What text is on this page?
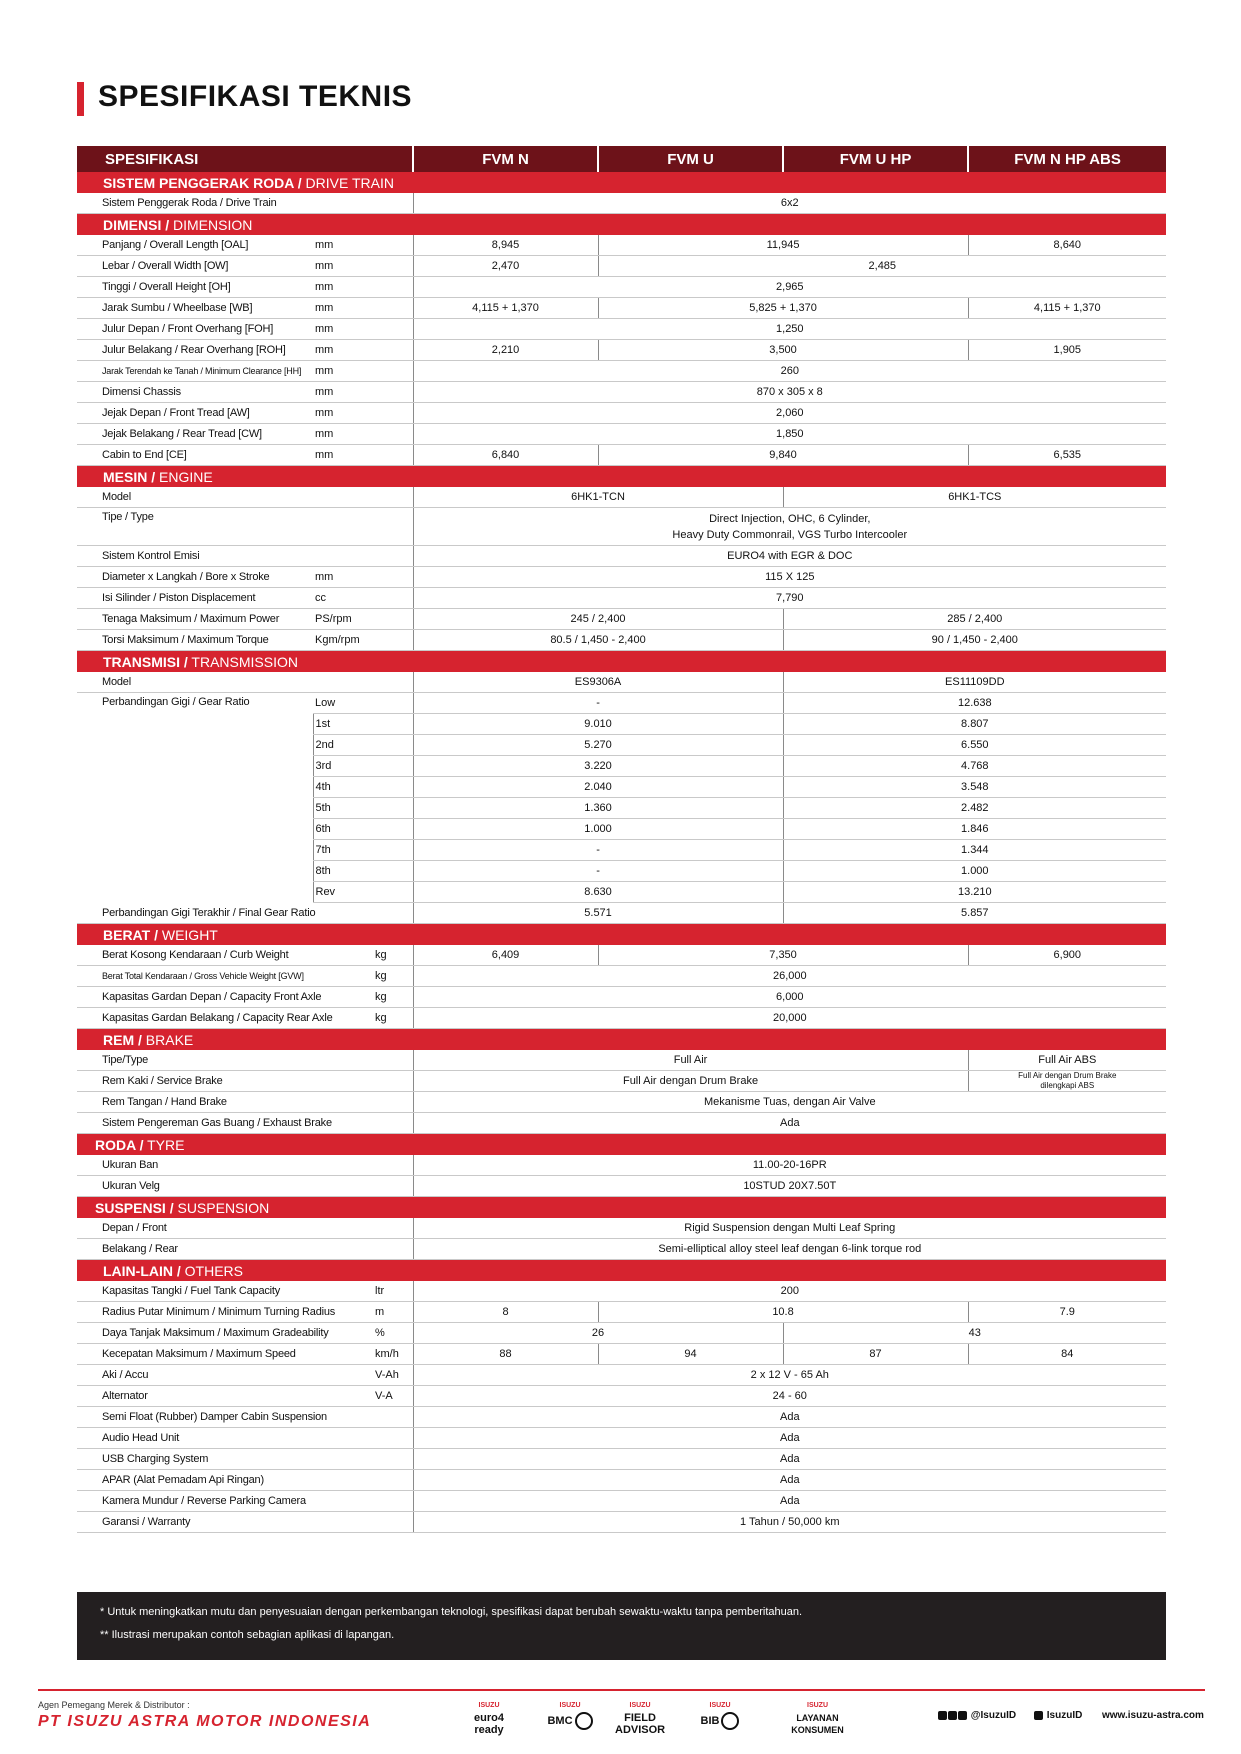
SPESIFIKASI TEKNIS
SPESIFIKASI			FVM N	FVM U	FVM U HP	FVM N HP ABS
SISTEM PENGGERAK RODA / DRIVE TRAIN						
Sistem Penggerak Roda / Drive Train			6x2			
DIMENSI / DIMENSION						
Panjang / Overall Length [OAL]	mm		8,945	11,945		8,640
Lebar / Overall Width [OW]	mm		2,470	2,485		
Tinggi / Overall Height [OH]	mm		2,965			
Jarak Sumbu / Wheelbase [WB]	mm		4,115 + 1,370	5,825 + 1,370		4,115 + 1,370
Julur Depan / Front Overhang [FOH]	mm		1,250			
Julur Belakang / Rear Overhang [ROH]	mm		2,210	3,500		1,905
Jarak Terendah ke Tanah / Minimum Clearance [HH]	mm		260			
Dimensi Chassis	mm		870 x 305 x 8			
Jejak Depan / Front Tread [AW]	mm		2,060			
Jejak Belakang / Rear Tread [CW]	mm		1,850			
Cabin to End [CE]	mm		6,840	9,840		6,535
MESIN / ENGINE						
Model			6HK1-TCN		6HK1-TCS	
Tipe / Type			Direct Injection, OHC, 6 Cylinder,
Heavy Duty Commonrail, VGS Turbo Intercooler			

Sistem Kontrol Emisi			EURO4 with EGR & DOC			
Diameter x Langkah / Bore x Stroke	mm		115 X 125			
Isi Silinder / Piston Displacement	cc		7,790			
Tenaga Maksimum / Maximum Power	PS/rpm		245 / 2,400		285 / 2,400	
Torsi Maksimum / Maximum Torque	Kgm/rpm		80.5 / 1,450 - 2,400		90 / 1,450 - 2,400	
TRANSMISI / TRANSMISSION						
Model			ES9306A		ES11109DD	
Perbandingan Gigi / Gear Ratio	Low		-		12.638	
	1st		9.010		8.807	
	2nd		5.270		6.550	
	3rd		3.220		4.768	
	4th		2.040		3.548	
	5th		1.360		2.482	
	6th		1.000		1.846	
	7th		-		1.344	
	8th		-		1.000	
	Rev		8.630		13.210	
Perbandingan Gigi Terakhir / Final Gear Ratio			5.571		5.857	
BERAT / WEIGHT						
Berat Kosong Kendaraan / Curb Weight		kg	6,409	7,350		6,900
Berat Total Kendaraan / Gross Vehicle Weight [GVW]		kg	26,000			
Kapasitas Gardan Depan / Capacity Front Axle		kg	6,000			
Kapasitas Gardan Belakang / Capacity Rear Axle		kg	20,000			
REM / BRAKE						
Tipe/Type			Full Air			Full Air ABS
Rem Kaki / Service Brake			Full Air dengan Drum Brake			Full Air dengan Drum Brake
dilengkapi ABS

Rem Tangan / Hand Brake			Mekanisme Tuas, dengan Air Valve			
Sistem Pengereman Gas Buang / Exhaust Brake			Ada			
RODA / TYRE						
Ukuran Ban			11.00-20-16PR			
Ukuran Velg			10STUD 20X7.50T			
SUSPENSI / SUSPENSION						
Depan / Front			Rigid Suspension dengan Multi Leaf Spring			
Belakang / Rear			Semi-elliptical alloy steel leaf dengan 6-link torque rod			
LAIN-LAIN / OTHERS						
Kapasitas Tangki / Fuel Tank Capacity		ltr	200			
Radius Putar Minimum / Minimum Turning Radius		m	8	10.8		7.9
Daya Tanjak Maksimum / Maximum Gradeability		%	26		43	
Kecepatan Maksimum / Maximum Speed		km/h	88	94	87	84
Aki / Accu		V-Ah	2 x 12 V - 65 Ah			
Alternator		V-A	24 - 60			
Semi Float (Rubber) Damper Cabin Suspension			Ada			
Audio Head Unit			Ada			
USB Charging System			Ada			
APAR (Alat Pemadam Api Ringan)			Ada			
Kamera Mundur / Reverse Parking Camera			Ada			
Garansi / Warranty			1 Tahun / 50,000 km			
* Untuk meningkatkan mutu dan penyesuaian dengan perkembangan teknologi, spesifikasi dapat berubah sewaktu-waktu tanpa pemberitahuan.
** Ilustrasi merupakan contoh sebagian aplikasi di lapangan.
Agen Pemegang Merek & Distributor :
PT ISUZU ASTRA MOTOR INDONESIA
ISUZU
euro4 ready
ISUZU
BMC
ISUZU
FIELD ADVISOR
ISUZU
BIB
ISUZU
LAYANAN KONSUMEN
@IsuzuID	IsuzuID www.isuzu-astra.com
